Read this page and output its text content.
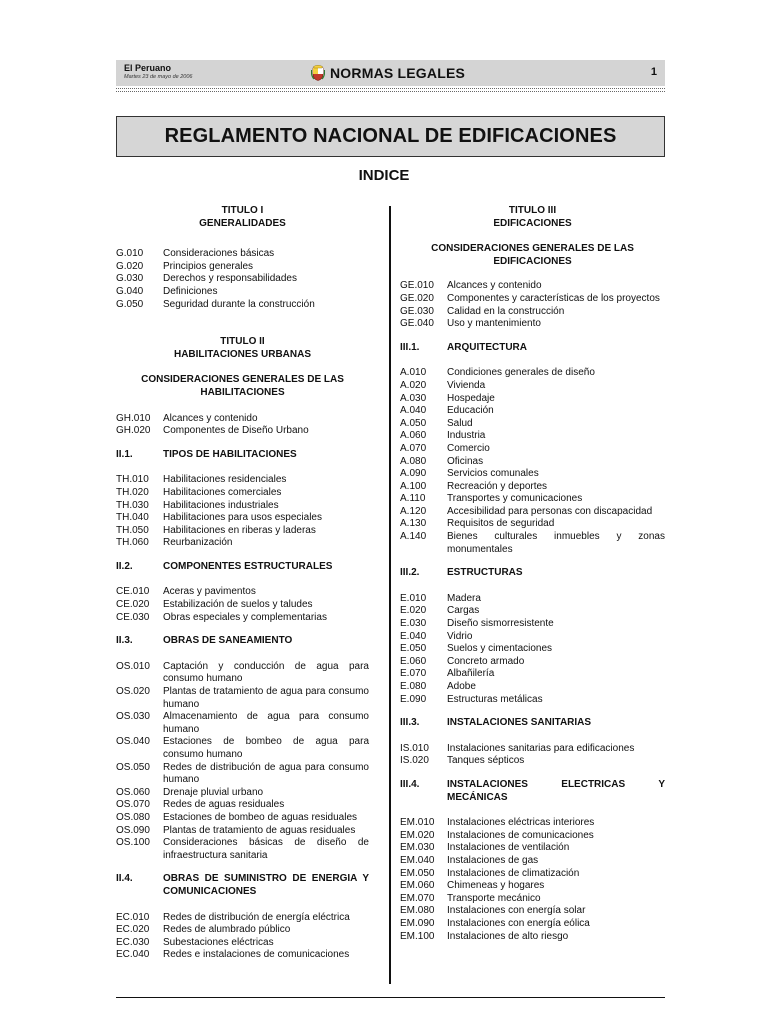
El Peruano
Martes 23 de mayo de 2006	NORMAS LEGALES	1
REGLAMENTO NACIONAL DE EDIFICACIONES
INDICE
TITULO I
GENERALIDADES
G.010	Consideraciones básicas
G.020	Principios generales
G.030	Derechos y responsabilidades
G.040	Definiciones
G.050	Seguridad durante la construcción
TITULO II
HABILITACIONES URBANAS
CONSIDERACIONES GENERALES DE LAS
HABILITACIONES
GH.010	Alcances y contenido
GH.020	Componentes de Diseño Urbano
II.1.	TIPOS DE HABILITACIONES
TH.010	Habilitaciones residenciales
TH.020	Habilitaciones comerciales
TH.030	Habilitaciones industriales
TH.040	Habilitaciones para usos especiales
TH.050	Habilitaciones en riberas y laderas
TH.060	Reurbanización
II.2.	COMPONENTES ESTRUCTURALES
CE.010	Aceras y pavimentos
CE.020	Estabilización de suelos y taludes
CE.030	Obras especiales y complementarias
II.3.	OBRAS DE SANEAMIENTO
OS.010	Captación y conducción de agua para consumo humano
OS.020	Plantas de tratamiento de agua para consumo humano
OS.030	Almacenamiento de agua para consumo humano
OS.040	Estaciones de bombeo de agua para consumo humano
OS.050	Redes de distribución de agua para consumo humano
OS.060	Drenaje pluvial urbano
OS.070	Redes de aguas residuales
OS.080	Estaciones de bombeo de aguas residuales
OS.090	Plantas de tratamiento de aguas residuales
OS.100	Consideraciones básicas de diseño de infraestructura sanitaria
II.4.	OBRAS DE SUMINISTRO DE ENERGIA Y COMUNICACIONES
EC.010	Redes de distribución de energía eléctrica
EC.020	Redes de alumbrado público
EC.030	Subestaciones eléctricas
EC.040	Redes e instalaciones de comunicaciones
TITULO III
EDIFICACIONES
CONSIDERACIONES GENERALES DE LAS
EDIFICACIONES
GE.010	Alcances y contenido
GE.020	Componentes y características de los proyectos
GE.030	Calidad en la construcción
GE.040	Uso y mantenimiento
III.1.	ARQUITECTURA
A.010	Condiciones generales de diseño
A.020	Vivienda
A.030	Hospedaje
A.040	Educación
A.050	Salud
A.060	Industria
A.070	Comercio
A.080	Oficinas
A.090	Servicios comunales
A.100	Recreación y deportes
A.110	Transportes y comunicaciones
A.120	Accesibilidad para personas con discapacidad
A.130	Requisitos de seguridad
A.140	Bienes culturales inmuebles y zonas monumentales
III.2.	ESTRUCTURAS
E.010	Madera
E.020	Cargas
E.030	Diseño sismorresistente
E.040	Vidrio
E.050	Suelos y cimentaciones
E.060	Concreto armado
E.070	Albañilería
E.080	Adobe
E.090	Estructuras metálicas
III.3.	INSTALACIONES SANITARIAS
IS.010	Instalaciones sanitarias para edificaciones
IS.020	Tanques sépticos
III.4.	INSTALACIONES ELECTRICAS Y MECÁNICAS
EM.010	Instalaciones eléctricas interiores
EM.020	Instalaciones de comunicaciones
EM.030	Instalaciones de ventilación
EM.040	Instalaciones de gas
EM.050	Instalaciones de climatización
EM.060	Chimeneas y hogares
EM.070	Transporte mecánico
EM.080	Instalaciones con energía solar
EM.090	Instalaciones con energía eólica
EM.100	Instalaciones de alto riesgo
